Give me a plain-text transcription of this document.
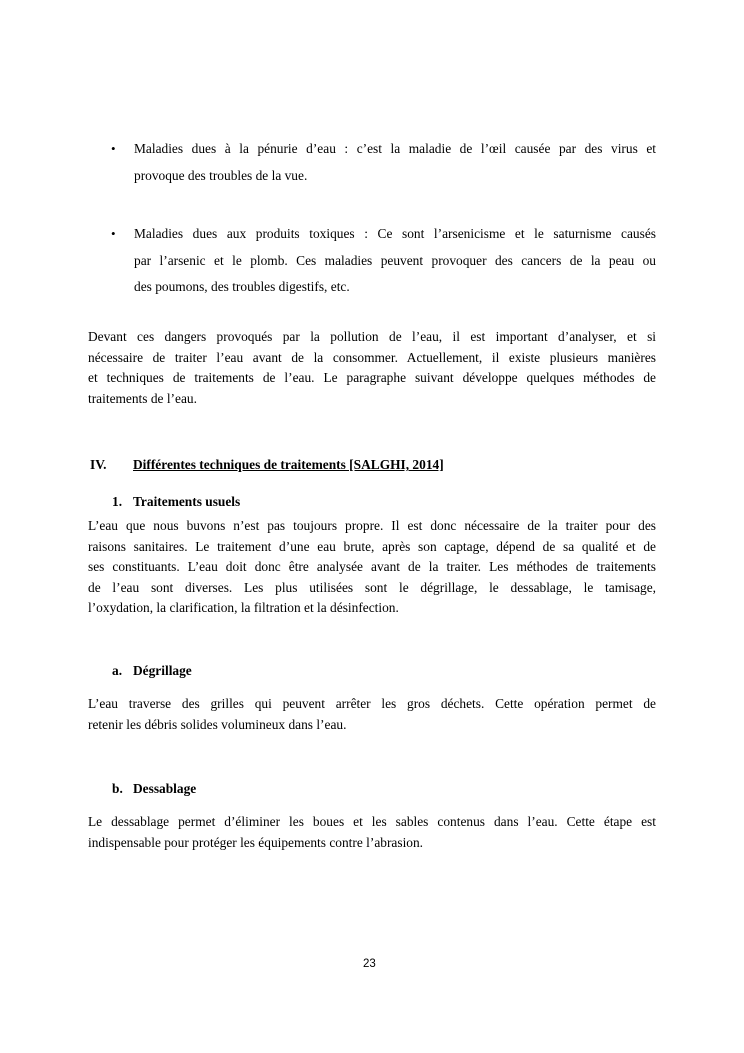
• Maladies dues à la pénurie d’eau : c’est la maladie de l’œil causée par des virus et
provoque des troubles de la vue.
• Maladies dues aux produits toxiques : Ce sont l’arsenicisme et le saturnisme causés
par l’arsenic et le plomb. Ces maladies peuvent provoquer des cancers de la peau ou
des poumons, des troubles digestifs, etc.
Devant ces dangers provoqués par la pollution de l’eau, il est important d’analyser, et si
nécessaire de traiter l’eau avant de la consommer. Actuellement, il existe plusieurs manières
et techniques de traitements de l’eau. Le paragraphe suivant développe quelques méthodes de
traitements de l’eau.
IV. Différentes techniques de traitements [SALGHI, 2014]
1. Traitements usuels
L’eau que nous buvons n’est pas toujours propre. Il est donc nécessaire de la traiter pour des
raisons sanitaires. Le traitement d’une eau brute, après son captage, dépend de sa qualité et de
ses constituants. L’eau doit donc être analysée avant de la traiter. Les méthodes de traitements
de l’eau sont diverses. Les plus utilisées sont le dégrillage, le dessablage, le tamisage,
l’oxydation, la clarification, la filtration et la désinfection.
a. Dégrillage
L’eau traverse des grilles qui peuvent arrêter les gros déchets. Cette opération permet de
retenir les débris solides volumineux dans l’eau.
b. Dessablage
Le dessablage permet d’éliminer les boues et les sables contenus dans l’eau. Cette étape est
indispensable pour protéger les équipements contre l’abrasion.
23
